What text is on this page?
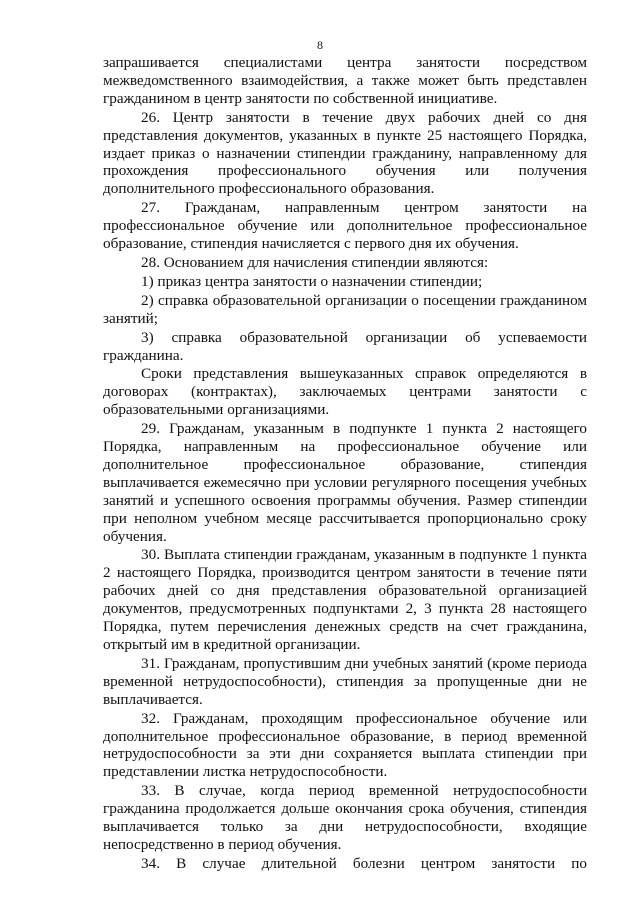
8

запрашивается специалистами центра занятости посредством межведомственного взаимодействия, а также может быть представлен гражданином в центр занятости по собственной инициативе.

26. Центр занятости в течение двух рабочих дней со дня представления документов, указанных в пункте 25 настоящего Порядка, издает приказ о назначении стипендии гражданину, направленному для прохождения профессионального обучения или получения дополнительного профессионального образования.

27. Гражданам, направленным центром занятости на профессиональное обучение или дополнительное профессиональное образование, стипендия начисляется с первого дня их обучения.

28. Основанием для начисления стипендии являются:

1) приказ центра занятости о назначении стипендии;

2) справка образовательной организации о посещении гражданином занятий;

3) справка образовательной организации об успеваемости гражданина.

Сроки представления вышеуказанных справок определяются в договорах (контрактах), заключаемых центрами занятости с образовательными организациями.

29. Гражданам, указанным в подпункте 1 пункта 2 настоящего Порядка, направленным на профессиональное обучение или дополнительное профессиональное образование, стипендия выплачивается ежемесячно при условии регулярного посещения учебных занятий и успешного освоения программы обучения. Размер стипендии при неполном учебном месяце рассчитывается пропорционально сроку обучения.

30. Выплата стипендии гражданам, указанным в подпункте 1 пункта 2 настоящего Порядка, производится центром занятости в течение пяти рабочих дней со дня представления образовательной организацией документов, предусмотренных подпунктами 2, 3 пункта 28 настоящего Порядка, путем перечисления денежных средств на счет гражданина, открытый им в кредитной организации.

31. Гражданам, пропустившим дни учебных занятий (кроме периода временной нетрудоспособности), стипендия за пропущенные дни не выплачивается.

32. Гражданам, проходящим профессиональное обучение или дополнительное профессиональное образование, в период временной нетрудоспособности за эти дни сохраняется выплата стипендии при представлении листка нетрудоспособности.

33. В случае, когда период временной нетрудоспособности гражданина продолжается дольше окончания срока обучения, стипендия выплачивается только за дни нетрудоспособности, входящие непосредственно в период обучения.

34. В случае длительной болезни центром занятости по
